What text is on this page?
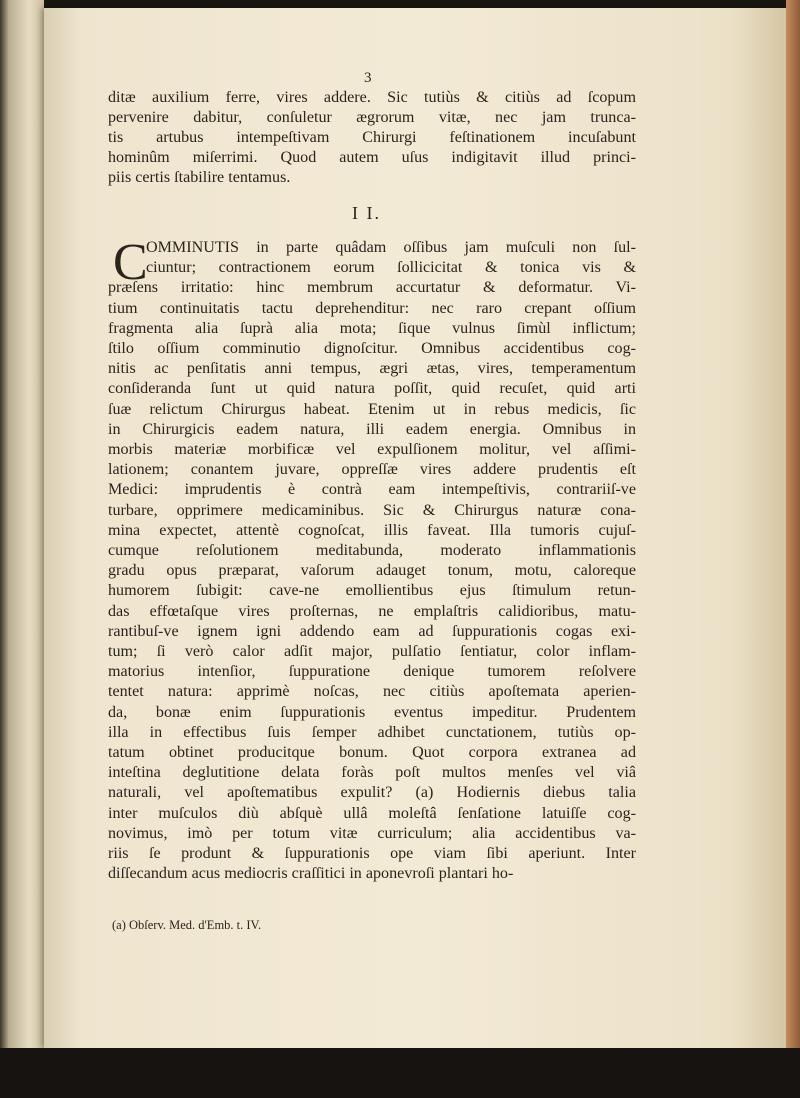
3
ditæ auxilium ferre, vires addere. Sic tutiùs & citiùs ad ſcopum
pervenire dabitur, conſuletur ægrorum vitæ, nec jam trunca-
tis artubus intempeſtivam Chirurgi feſtinationem incuſabunt
hominûm miſerrimi. Quod autem uſus indigitavit illud princi-
piis certis ſtabilire tentamus.
I I.
C
OMMINUTIS in parte quâdam oſſibus jam muſculi non ſul-
ciuntur; contractionem eorum ſollicicitat & tonica vis &
præſens irritatio: hinc membrum accurtatur & deformatur. Vi-
tium continuitatis tactu deprehenditur: nec raro crepant oſſium
fragmenta alia ſuprà alia mota; ſique vulnus ſimùl inflictum;
ſtilo oſſium comminutio dignoſcitur. Omnibus accidentibus cog-
nitis ac penſitatis anni tempus, ægri ætas, vires, temperamentum
conſideranda ſunt ut quid natura poſſit, quid recuſet, quid arti
ſuæ relictum Chirurgus habeat. Etenim ut in rebus medicis, ſic
in Chirurgicis eadem natura, illi eadem energia. Omnibus in
morbis materiæ morbificæ vel expulſionem molitur, vel aſſimi-
lationem; conantem juvare, oppreſſæ vires addere prudentis eſt
Medici: imprudentis è contrà eam intempeſtivis, contrariiſ-ve
turbare, opprimere medicaminibus. Sic & Chirurgus naturæ cona-
mina expectet, attentè cognoſcat, illis faveat. Illa tumoris cujuſ-
cumque reſolutionem meditabunda, moderato inflammationis
gradu opus præparat, vaſorum adauget tonum, motu, caloreque
humorem ſubigit: cave-ne emollientibus ejus ſtimulum retun-
das effœtaſque vires proſternas, ne emplaſtris calidioribus, matu-
rantibuſ-ve ignem igni addendo eam ad ſuppurationis cogas exi-
tum; ſi verò calor adſit major, pulſatio ſentiatur, color inflam-
matorius intenſior, ſuppuratione denique tumorem reſolvere
tentet natura: apprimè noſcas, nec citiùs apoſtemata aperien-
da, bonæ enim ſuppurationis eventus impeditur. Prudentem
illa in effectibus ſuis ſemper adhibet cunctationem, tutiùs op-
tatum obtinet producitque bonum. Quot corpora extranea ad
inteſtina deglutitione delata foràs poſt multos menſes vel viâ
naturali, vel apoſtematibus expulit? (a) Hodiernis diebus talia
inter muſculos diù abſquè ullâ moleſtâ ſenſatione latuiſſe cog-
novimus, imò per totum vitæ curriculum; alia accidentibus va-
riis ſe produnt & ſuppurationis ope viam ſibi aperiunt. Inter
diſſecandum acus mediocris craſſitici in aponevroſi plantari ho-
(a) Obſerv. Med. d'Emb. t. IV.
